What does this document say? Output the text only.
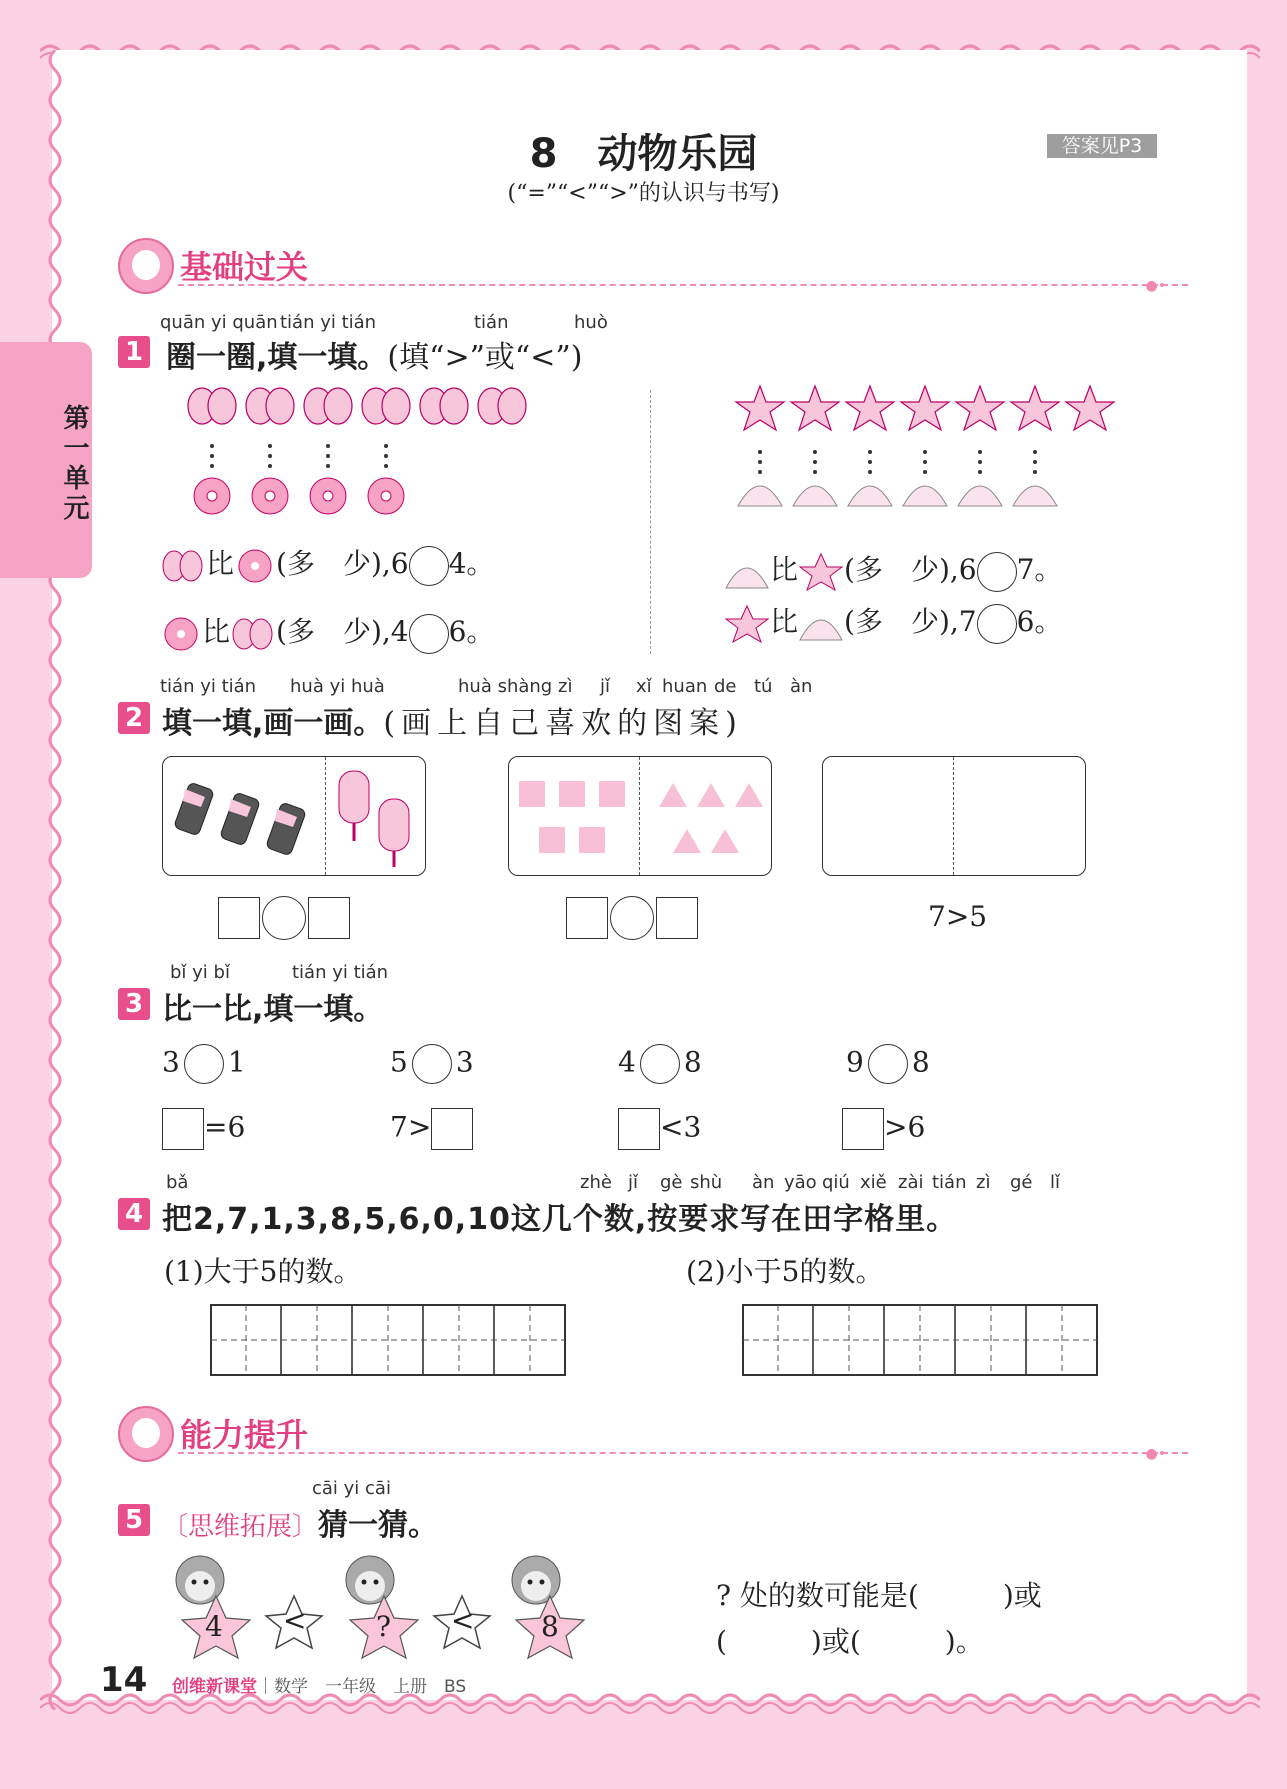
第一单元
8　动物乐园
(“=”“<”“>”的认识与书写)
答案见P3
基础过关	●•
quān yi quān tián yi tián	tián	huò
1 圈一圈,填一填。(填“>”或“<”)
比 (多　少),6 4。
比 (多　少),4 6。
比 (多　少),6 7。
比 (多　少),7 6。
tián yi tián huà yi huà	huà shàng zì jǐ xǐ huan de tú àn
2 填一填,画一画。(画上自己喜欢的图案)
7>5
bǐ yi bǐ	tián yi tián
3 比一比,填一填。
3 1	5 3	4 8	9 8
=6	7>	<3	>6
bǎ	zhè jǐ gè shù àn yāo qiú xiě zài tián zì gé lǐ
4 把2,7,1,3,8,5,6,0,10这几个数,按要求写在田字格里。
(1)大于5的数。	(2)小于5的数。
能力提升	●•
cāi yi cāi
5 〔思维拓展〕猜一猜。
4	?	8
<	<
? 处的数可能是(　　　)或
(　　　)或(　　　)。
14 创维新课堂｜数学　一年级　上册　BS
